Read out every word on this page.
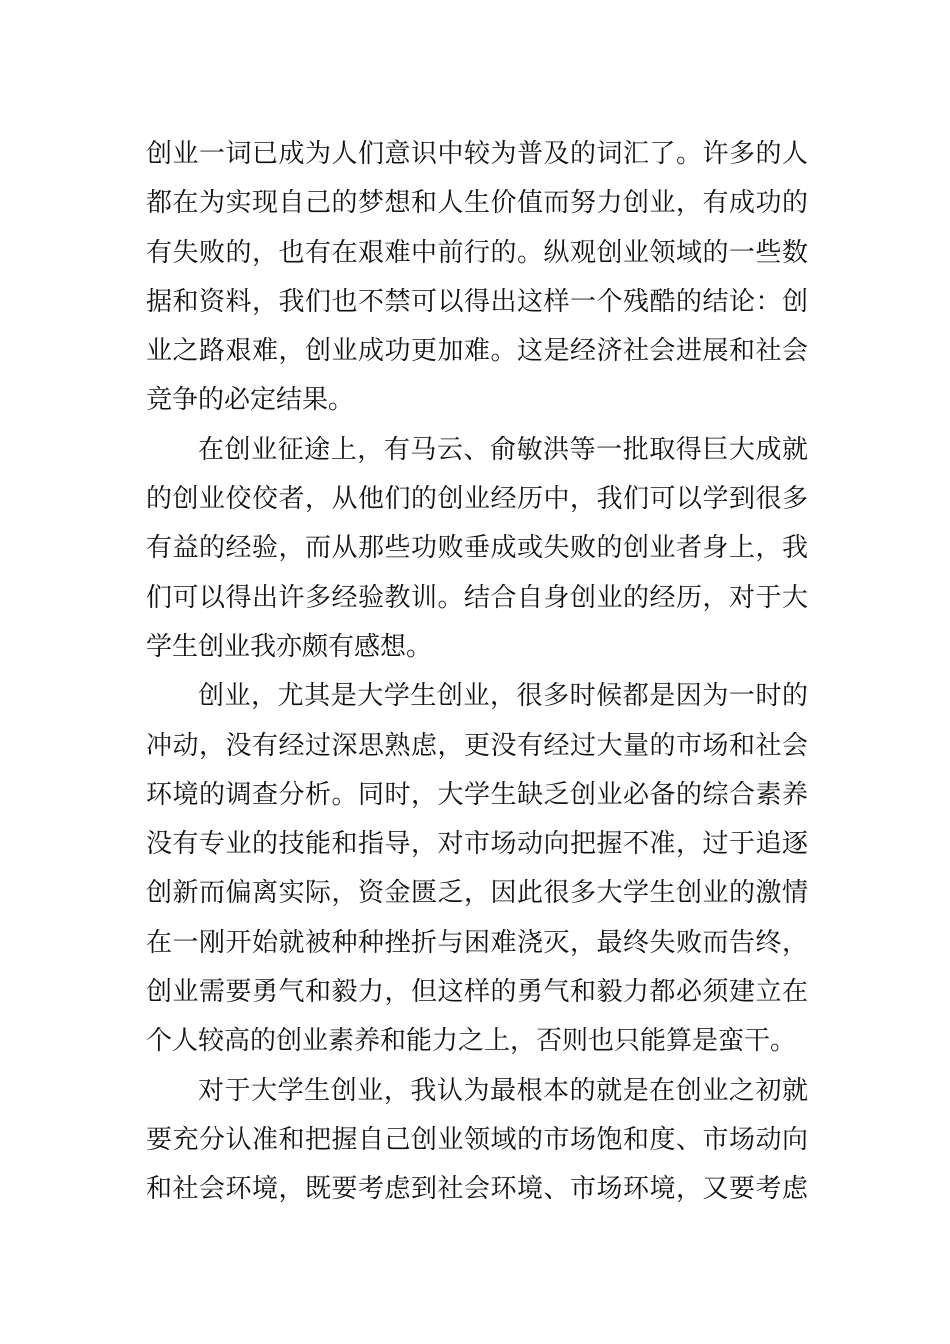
创业一词已成为人们意识中较为普及的词汇了。许多的人
都在为实现自己的梦想和人生价值而努力创业，有成功的
有失败的，也有在艰难中前行的。纵观创业领域的一些数
据和资料，我们也不禁可以得出这样一个残酷的结论：创
业之路艰难，创业成功更加难。这是经济社会进展和社会
竞争的必定结果。
在创业征途上，有马云、俞敏洪等一批取得巨大成就
的创业佼佼者，从他们的创业经历中，我们可以学到很多
有益的经验，而从那些功败垂成或失败的创业者身上，我
们可以得出许多经验教训。结合自身创业的经历，对于大
学生创业我亦颇有感想。
创业，尤其是大学生创业，很多时候都是因为一时的
冲动，没有经过深思熟虑，更没有经过大量的市场和社会
环境的调查分析。同时，大学生缺乏创业必备的综合素养
没有专业的技能和指导，对市场动向把握不准，过于追逐
创新而偏离实际，资金匮乏，因此很多大学生创业的激情
在一刚开始就被种种挫折与困难浇灭，最终失败而告终，
创业需要勇气和毅力，但这样的勇气和毅力都必须建立在
个人较高的创业素养和能力之上，否则也只能算是蛮干。
对于大学生创业，我认为最根本的就是在创业之初就
要充分认准和把握自己创业领域的市场饱和度、市场动向
和社会环境，既要考虑到社会环境、市场环境，又要考虑
